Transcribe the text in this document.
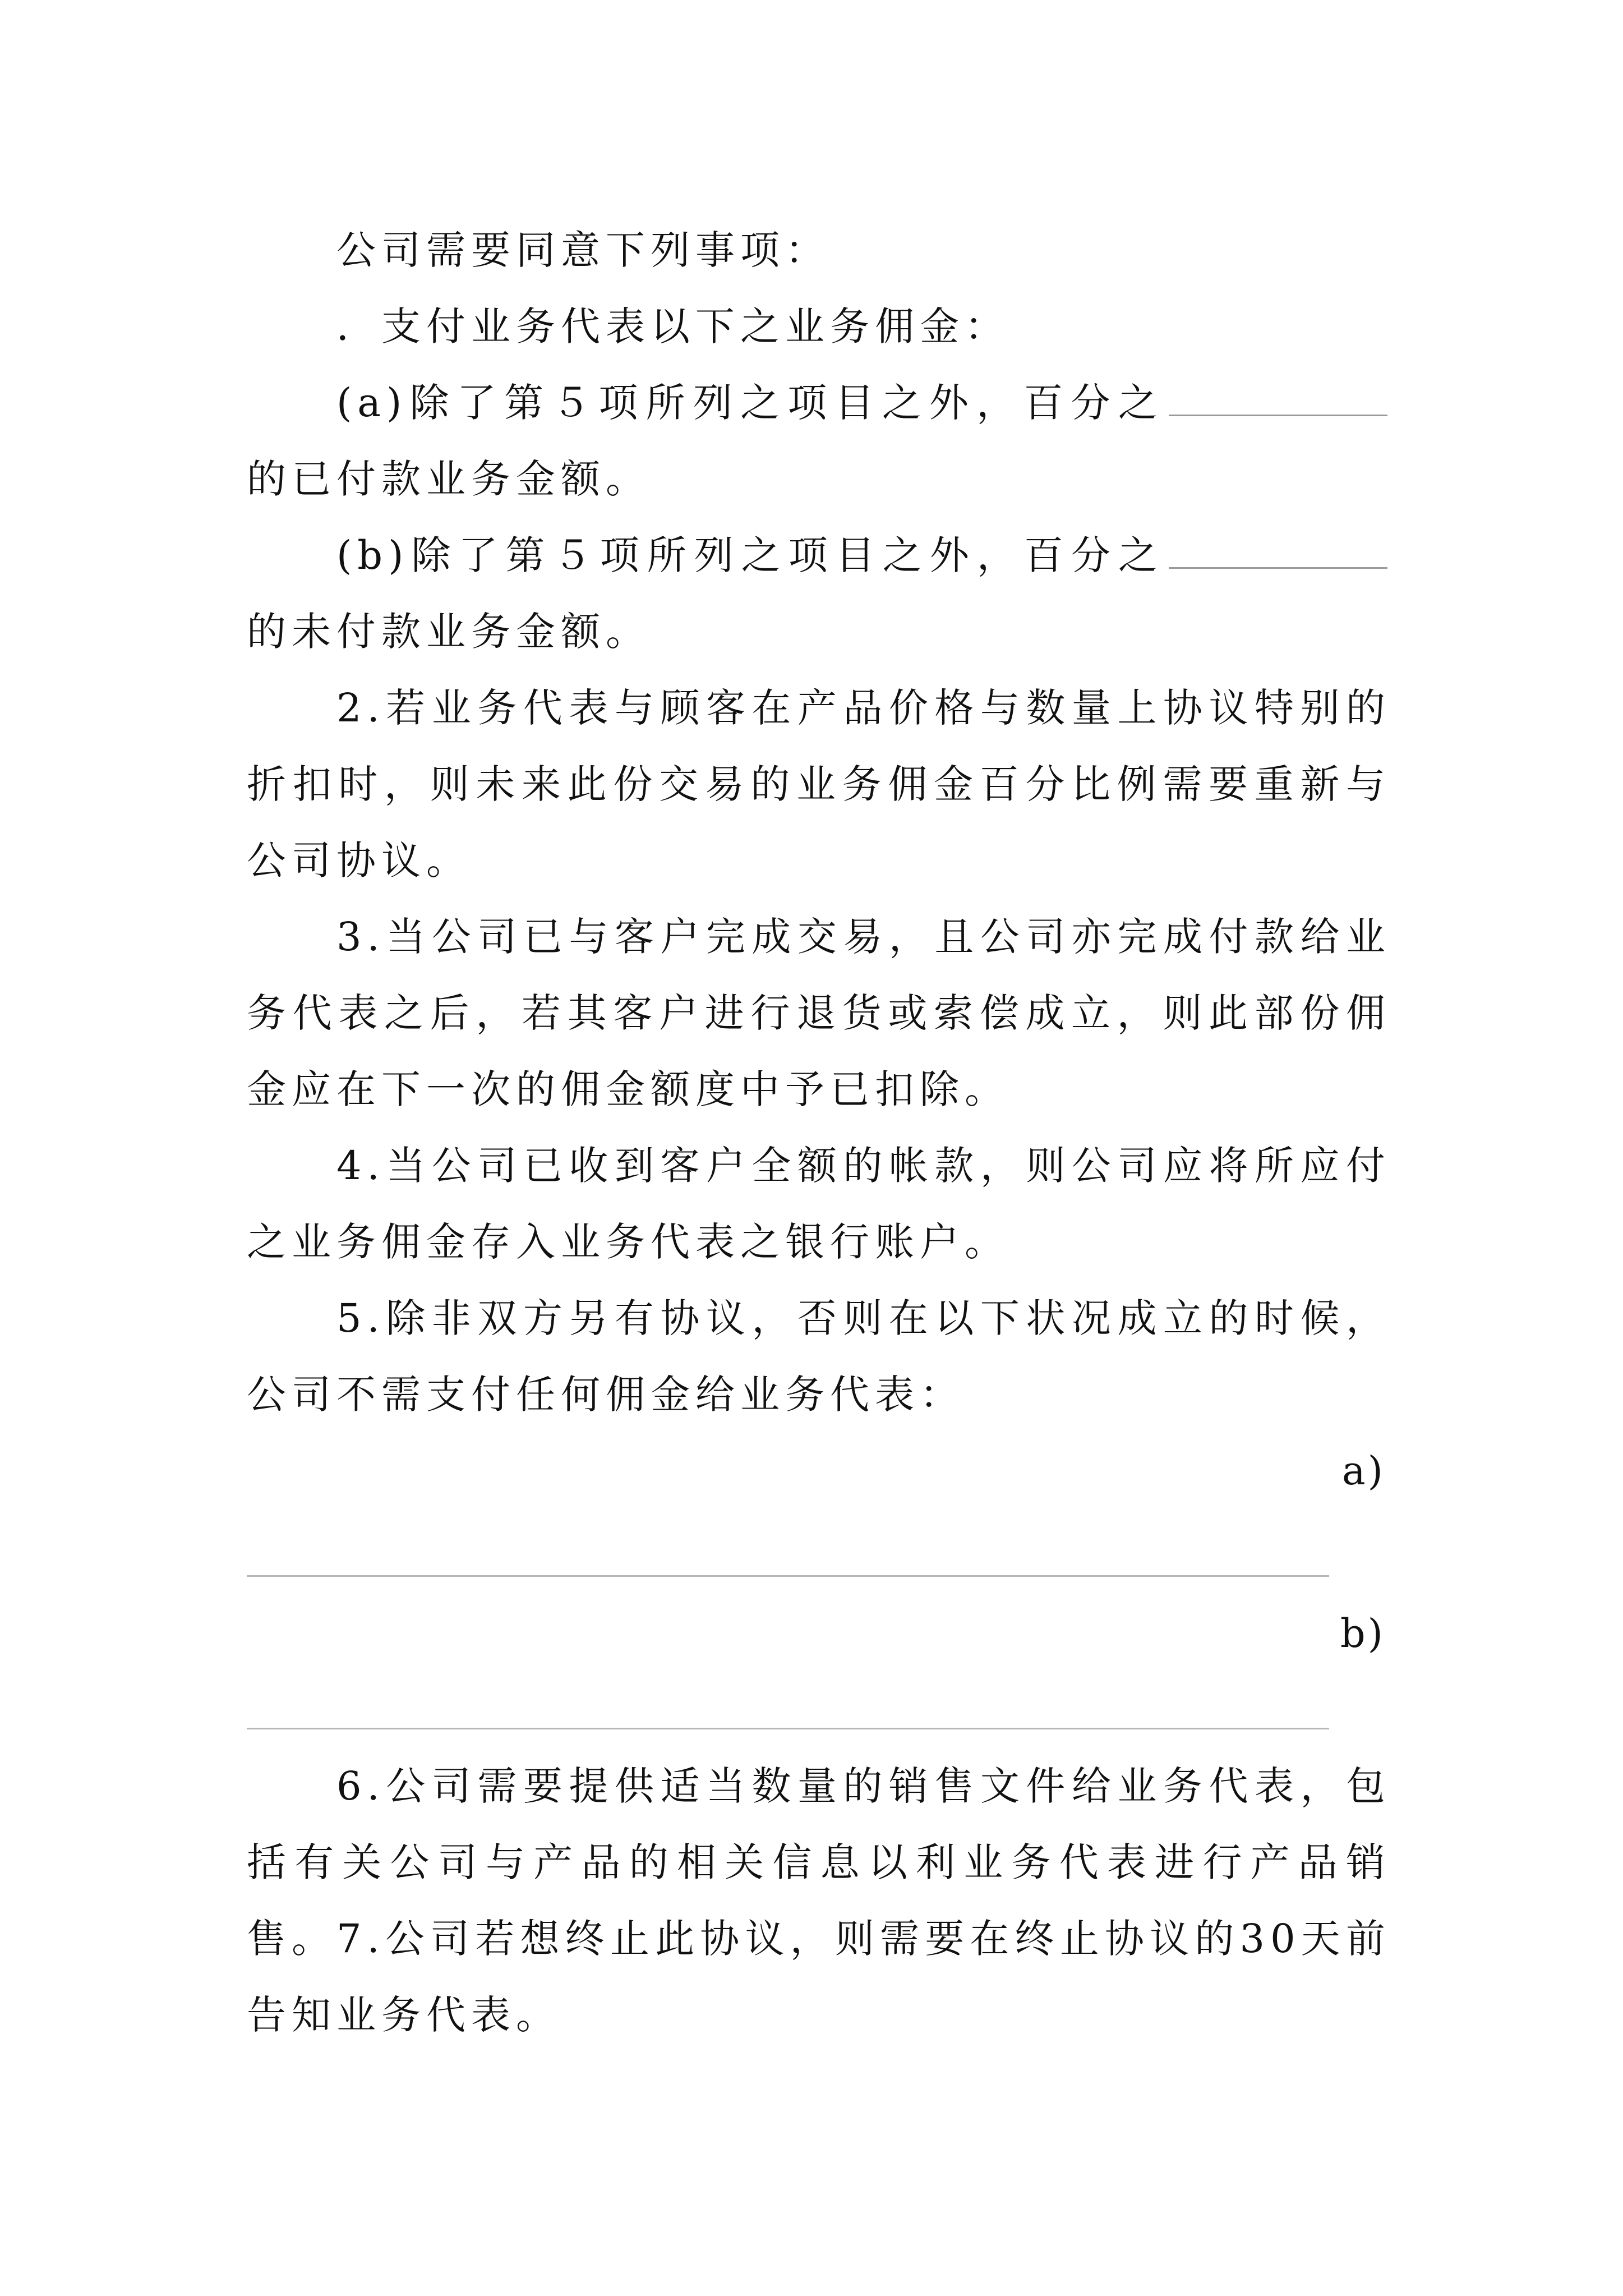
公司需要同意下列事项：

．支付业务代表以下之业务佣金：

(a)除了第５项所列之项目之外，百分之的已付款业务金额。

(b)除了第５项所列之项目之外，百分之的未付款业务金额。

2.若业务代表与顾客在产品价格与数量上协议特别的折扣时，则未来此份交易的业务佣金百分比例需要重新与公司协议。

3.当公司已与客户完成交易，且公司亦完成付款给业务代表之后，若其客户进行退货或索偿成立，则此部份佣金应在下一次的佣金额度中予已扣除。

4.当公司已收到客户全额的帐款，则公司应将所应付之业务佣金存入业务代表之银行账户。

5.除非双方另有协议，否则在以下状况成立的时候，公司不需支付任何佣金给业务代表：

a)

b)

6.公司需要提供适当数量的销售文件给业务代表，包括有关公司与产品的相关信息以利业务代表进行产品销售。 7.公司若想终止此协议，则需要在终止协议的30天前告知业务代表。
